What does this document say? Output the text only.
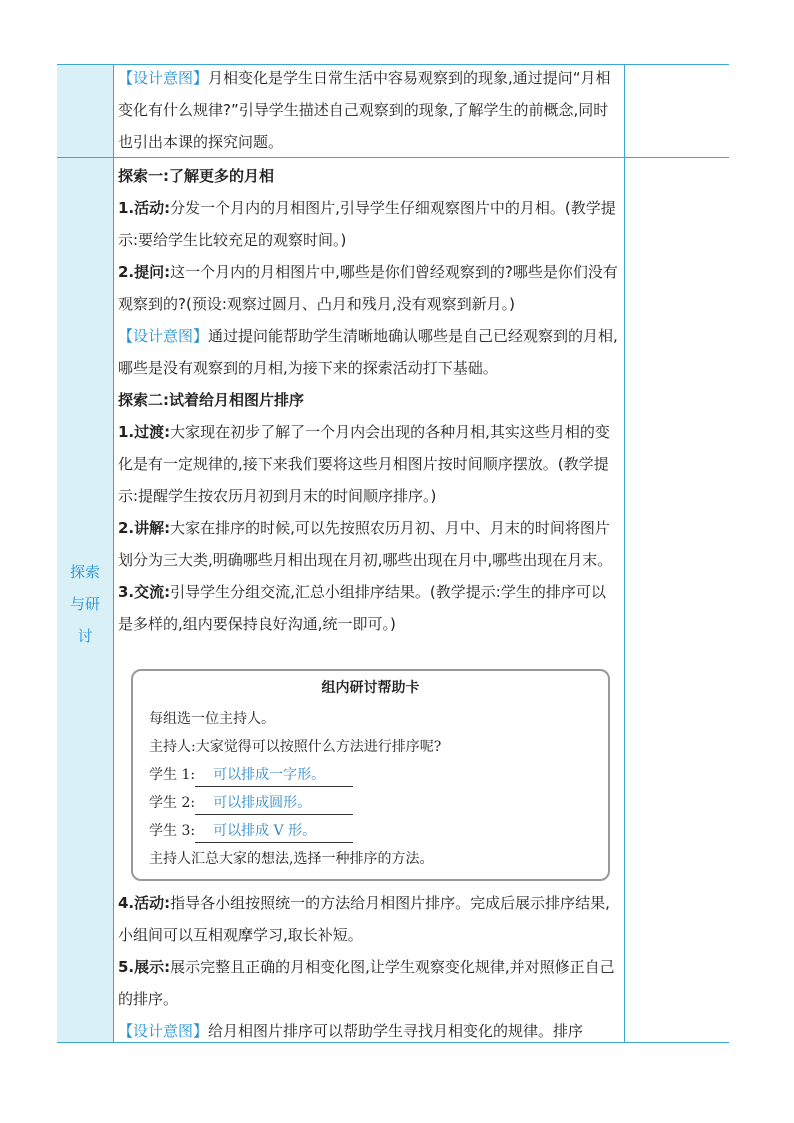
探索
与研
讨

【设计意图】月相变化是学生日常生活中容易观察到的现象,通过提问“月相变化有什么规律?”引导学生描述自己观察到的现象,了解学生的前概念,同时也引出本课的探究问题。

探索一:了解更多的月相

1.活动:分发一个月内的月相图片,引导学生仔细观察图片中的月相。(教学提示:要给学生比较充足的观察时间。)

2.提问:这一个月内的月相图片中,哪些是你们曾经观察到的?哪些是你们没有观察到的?(预设:观察过圆月、凸月和残月,没有观察到新月。)

【设计意图】通过提问能帮助学生清晰地确认哪些是自己已经观察到的月相,哪些是没有观察到的月相,为接下来的探索活动打下基础。

探索二:试着给月相图片排序

1.过渡:大家现在初步了解了一个月内会出现的各种月相,其实这些月相的变化是有一定规律的,接下来我们要将这些月相图片按时间顺序摆放。(教学提示:提醒学生按农历月初到月末的时间顺序排序。)

2.讲解:大家在排序的时候,可以先按照农历月初、月中、月末的时间将图片划分为三大类,明确哪些月相出现在月初,哪些出现在月中,哪些出现在月末。

3.交流:引导学生分组交流,汇总小组排序结果。(教学提示:学生的排序可以是多样的,组内要保持良好沟通,统一即可。)

组内研讨帮助卡

每组选一位主持人。

主持人:大家觉得可以按照什么方法进行排序呢?

学生 1: 可以排成一字形。

学生 2: 可以排成圆形。

学生 3: 可以排成 V 形。

主持人汇总大家的想法,选择一种排序的方法。

4.活动:指导各小组按照统一的方法给月相图片排序。完成后展示排序结果,小组间可以互相观摩学习,取长补短。

5.展示:展示完整且正确的月相变化图,让学生观察变化规律,并对照修正自己的排序。

【设计意图】给月相图片排序可以帮助学生寻找月相变化的规律。排序
